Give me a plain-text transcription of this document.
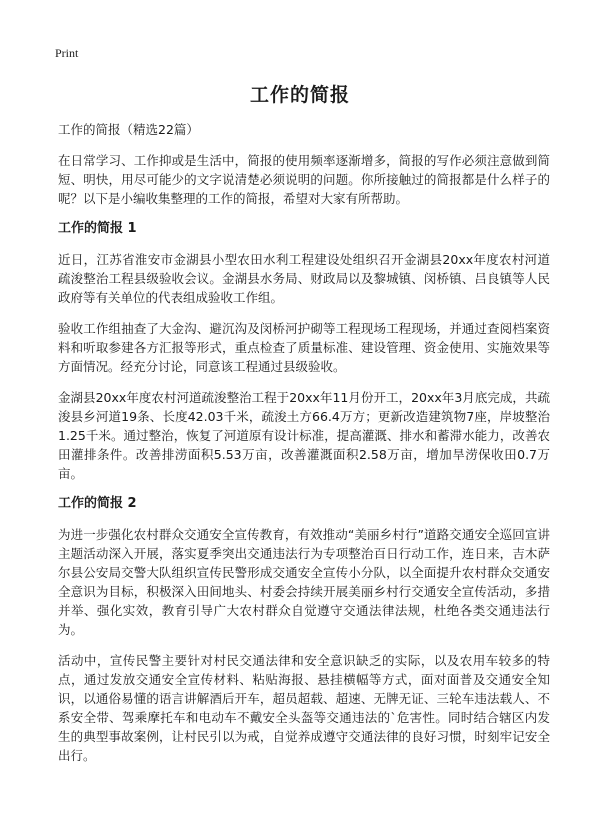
Print
工作的简报

工作的简报（精选22篇）

在日常学习、工作抑或是生活中，简报的使用频率逐渐增多，简报的写作必须注意做到简短、明快，用尽可能少的文字说清楚必须说明的问题。你所接触过的简报都是什么样子的呢？以下是小编收集整理的工作的简报，希望对大家有所帮助。

工作的简报 1

近日，江苏省淮安市金湖县小型农田水利工程建设处组织召开金湖县20xx年度农村河道疏浚整治工程县级验收会议。金湖县水务局、财政局以及黎城镇、闵桥镇、吕良镇等人民政府等有关单位的代表组成验收工作组。

验收工作组抽查了大金沟、避沉沟及闵桥河护砌等工程现场工程现场，并通过查阅档案资料和听取参建各方汇报等形式，重点检查了质量标准、建设管理、资金使用、实施效果等方面情况。经充分讨论，同意该工程通过县级验收。

金湖县20xx年度农村河道疏浚整治工程于20xx年11月份开工，20xx年3月底完成，共疏浚县乡河道19条、长度42.03千米，疏浚土方66.4万方；更新改造建筑物7座，岸坡整治1.25千米。通过整治，恢复了河道原有设计标准，提高灌溉、排水和蓄滞水能力，改善农田灌排条件。改善排涝面积5.53万亩，改善灌溉面积2.58万亩，增加旱涝保收田0.7万亩。

工作的简报 2

为进一步强化农村群众交通安全宣传教育，有效推动“美丽乡村行”道路交通安全巡回宣讲主题活动深入开展，落实夏季突出交通违法行为专项整治百日行动工作，连日来，吉木萨尔县公安局交警大队组织宣传民警形成交通安全宣传小分队，以全面提升农村群众交通安全意识为目标，积极深入田间地头、村委会持续开展美丽乡村行交通安全宣传活动，多措并举、强化实效，教育引导广大农村群众自觉遵守交通法律法规，杜绝各类交通违法行为。

活动中，宣传民警主要针对村民交通法律和安全意识缺乏的实际，以及农用车较多的特点，通过发放交通安全宣传材料、粘贴海报、悬挂横幅等方式，面对面普及交通安全知识，以通俗易懂的语言讲解酒后开车，超员超载、超速、无牌无证、三轮车违法载人、不系安全带、驾乘摩托车和电动车不戴安全头盔等交通违法的`危害性。同时结合辖区内发生的典型事故案例，让村民引以为戒，自觉养成遵守交通法律的良好习惯，时刻牢记安全出行。
